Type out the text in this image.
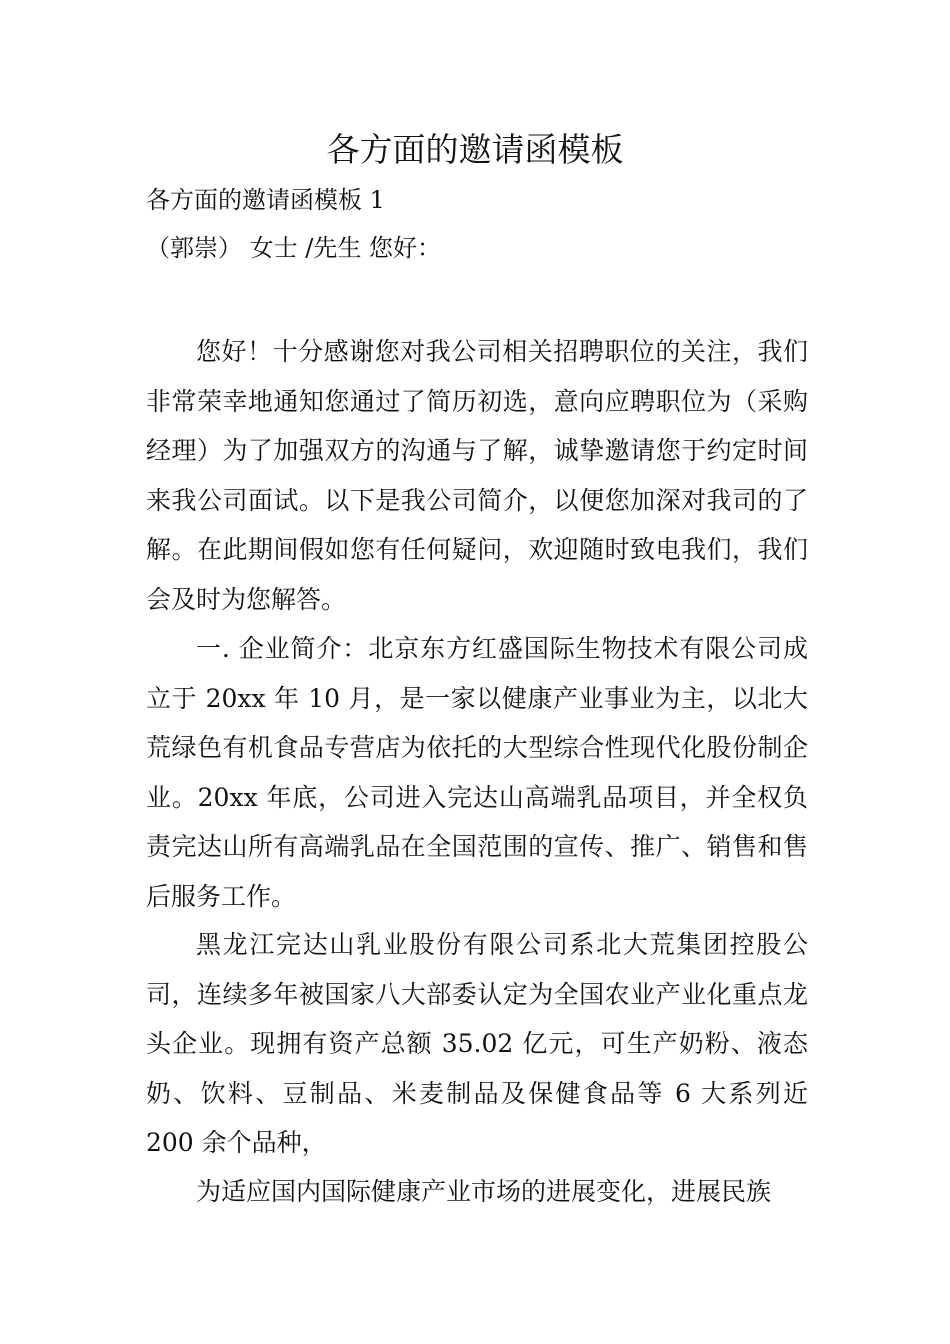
各方面的邀请函模板
各方面的邀请函模板 1
（郭崇） 女士 /先生 您好：

您好！十分感谢您对我公司相关招聘职位的关注，我们非常荣幸地通知您通过了简历初选，意向应聘职位为（采购经理）为了加强双方的沟通与了解，诚挚邀请您于约定时间来我公司面试。以下是我公司简介，以便您加深对我司的了解。在此期间假如您有任何疑问，欢迎随时致电我们，我们会及时为您解答。

一. 企业简介：北京东方红盛国际生物技术有限公司成立于 20xx 年 10 月，是一家以健康产业事业为主，以北大荒绿色有机食品专营店为依托的大型综合性现代化股份制企业。20xx 年底，公司进入完达山高端乳品项目，并全权负责完达山所有高端乳品在全国范围的宣传、推广、销售和售后服务工作。

黑龙江完达山乳业股份有限公司系北大荒集团控股公司，连续多年被国家八大部委认定为全国农业产业化重点龙头企业。现拥有资产总额 35.02 亿元，可生产奶粉、液态奶、饮料、豆制品、米麦制品及保健食品等 6 大系列近 200 余个品种，

为适应国内国际健康产业市场的进展变化，进展民族
